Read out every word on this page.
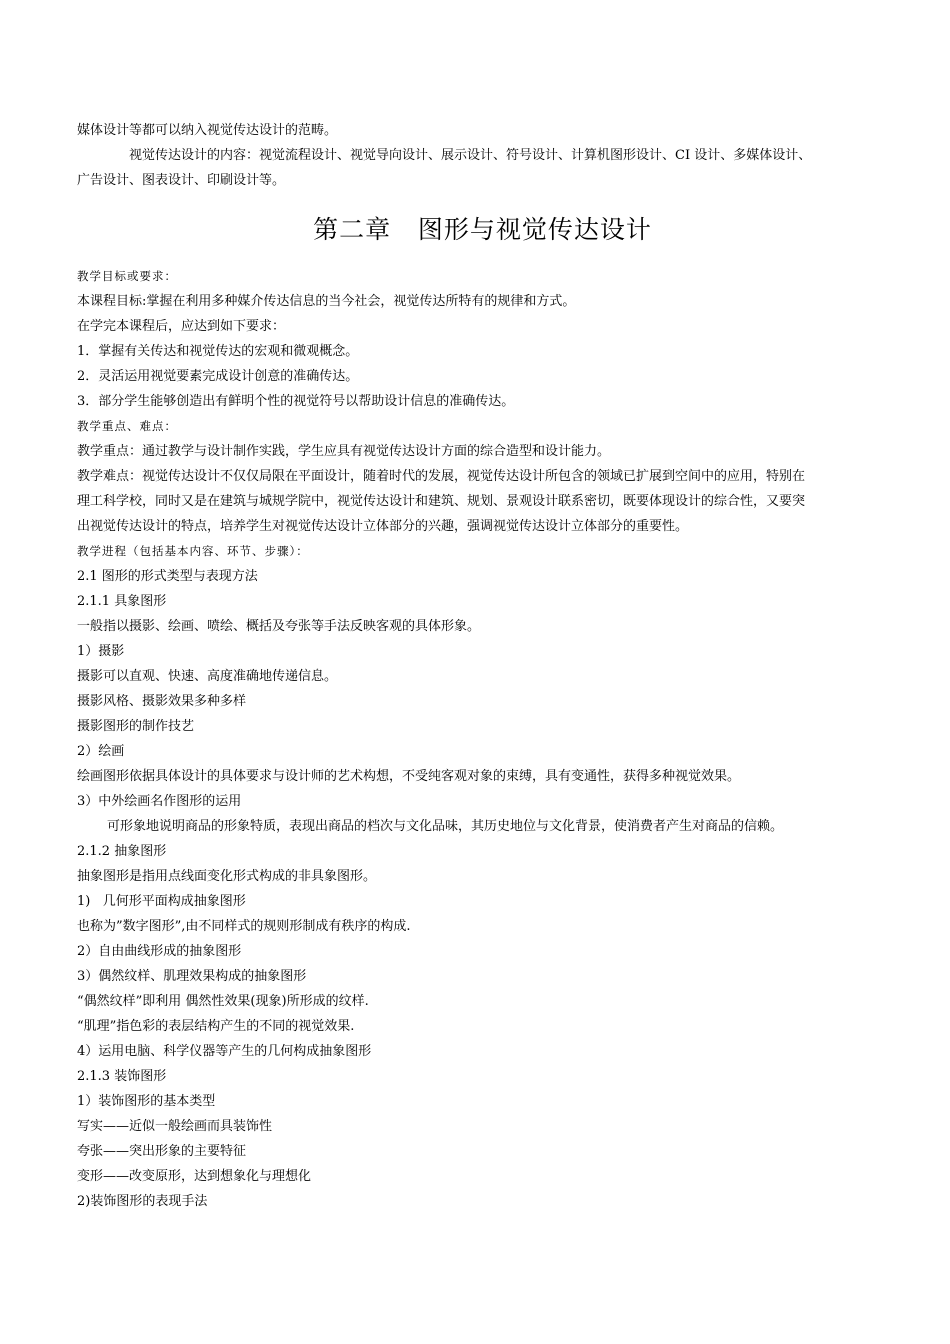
媒体设计等都可以纳入视觉传达设计的范畴。
视觉传达设计的内容：视觉流程设计、视觉导向设计、展示设计、符号设计、计算机图形设计、CI 设计、多媒体设计、
广告设计、图表设计、印刷设计等。
第二章   图形与视觉传达设计
教学目标或要求：
本课程目标:掌握在利用多种媒介传达信息的当今社会，视觉传达所特有的规律和方式。
在学完本课程后，应达到如下要求：
1．掌握有关传达和视觉传达的宏观和微观概念。
2．灵活运用视觉要素完成设计创意的准确传达。
3．部分学生能够创造出有鲜明个性的视觉符号以帮助设计信息的准确传达。
教学重点、难点：
教学重点：通过教学与设计制作实践，学生应具有视觉传达设计方面的综合造型和设计能力。
教学难点：视觉传达设计不仅仅局限在平面设计，随着时代的发展，视觉传达设计所包含的领域已扩展到空间中的应用，特别在
理工科学校，同时又是在建筑与城规学院中，视觉传达设计和建筑、规划、景观设计联系密切，既要体现设计的综合性，又要突
出视觉传达设计的特点，培养学生对视觉传达设计立体部分的兴趣，强调视觉传达设计立体部分的重要性。
教学进程（包括基本内容、环节、步骤）：
2.1 图形的形式类型与表现方法
2.1.1 具象图形
一般指以摄影、绘画、喷绘、概括及夸张等手法反映客观的具体形象。
1）摄影
摄影可以直观、快速、高度准确地传递信息。
摄影风格、摄影效果多种多样
摄影图形的制作技艺
2）绘画
绘画图形依据具体设计的具体要求与设计师的艺术构想，不受纯客观对象的束缚，具有变通性，获得多种视觉效果。
3）中外绘画名作图形的运用
可形象地说明商品的形象特质，表现出商品的档次与文化品味，其历史地位与文化背景，使消费者产生对商品的信赖。
2.1.2 抽象图形
抽象图形是指用点线面变化形式构成的非具象图形。
1)   几何形平面构成抽象图形
也称为”数字图形”,由不同样式的规则形制成有秩序的构成.
2）自由曲线形成的抽象图形
3）偶然纹样、肌理效果构成的抽象图形
“偶然纹样”即利用 偶然性效果(现象)所形成的纹样.
“肌理”指色彩的表层结构产生的不同的视觉效果.
4）运用电脑、科学仪器等产生的几何构成抽象图形
2.1.3 装饰图形
1）装饰图形的基本类型
写实——近似一般绘画而具装饰性
夸张——突出形象的主要特征
变形——改变原形，达到想象化与理想化
2)装饰图形的表现手法
